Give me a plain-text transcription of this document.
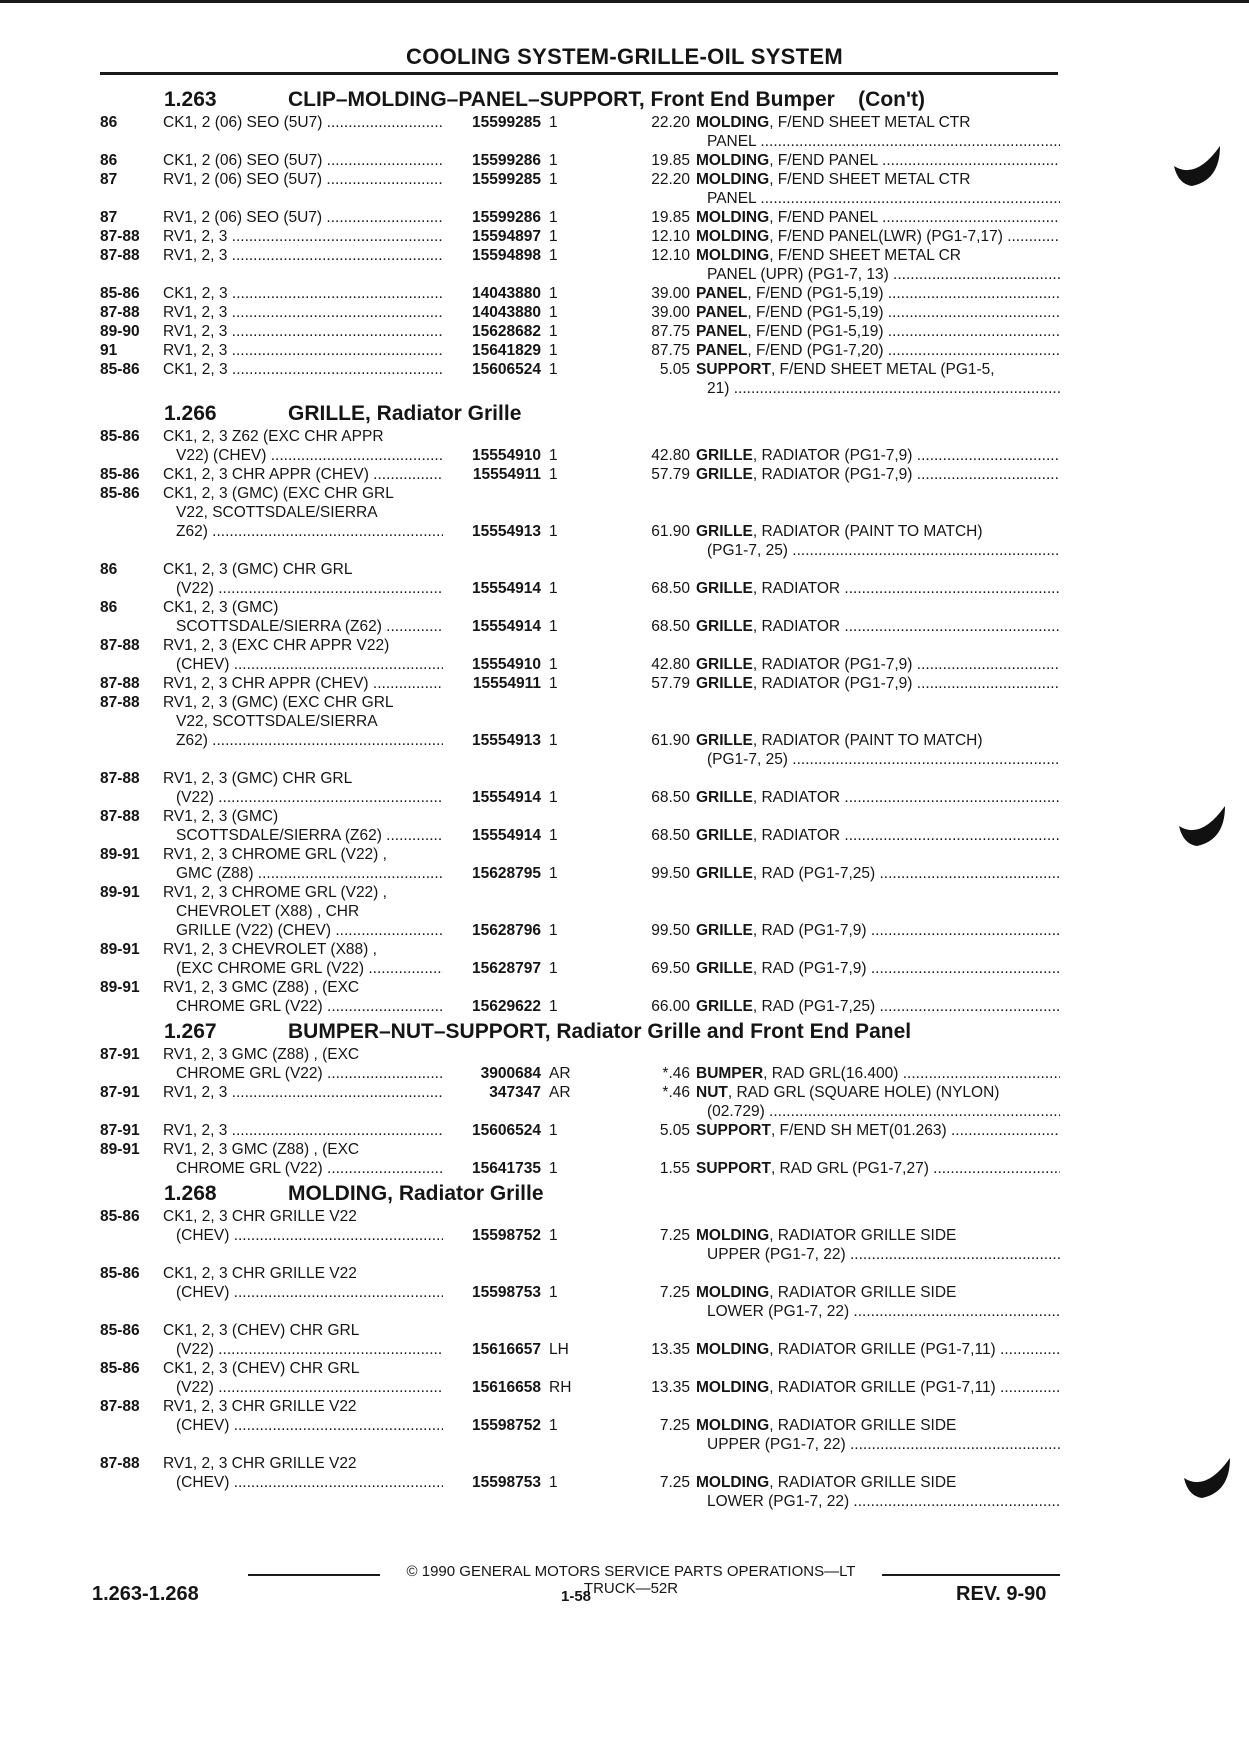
COOLING SYSTEM-GRILLE-OIL SYSTEM
1.263	CLIP–MOLDING–PANEL–SUPPORT, Front End Bumper (Con't)
86	CK1, 2 (06) SEO (5U7) .....	15599285 1	22.20 MOLDING, F/END SHEET METAL CTR
PANEL .....
86	CK1, 2 (06) SEO (5U7) .....	15599286 1	19.85 MOLDING, F/END PANEL .....
87	RV1, 2 (06) SEO (5U7) .....	15599285 1	22.20 MOLDING, F/END SHEET METAL CTR
PANEL .....
87	RV1, 2 (06) SEO (5U7) .....	15599286 1	19.85 MOLDING, F/END PANEL .....
87-88	RV1, 2, 3 .....	15594897 1	12.10 MOLDING, F/END PANEL(LWR) (PG1-7,17) .....
87-88	RV1, 2, 3 .....	15594898 1	12.10 MOLDING, F/END SHEET METAL CR
PANEL (UPR) (PG1-7, 13) .....
85-86	CK1, 2, 3 .....	14043880 1	39.00 PANEL, F/END (PG1-5,19) .....
87-88	RV1, 2, 3 .....	14043880 1	39.00 PANEL, F/END (PG1-5,19) .....
89-90	RV1, 2, 3 .....	15628682 1	87.75 PANEL, F/END (PG1-5,19) .....
91	RV1, 2, 3 .....	15641829 1	87.75 PANEL, F/END (PG1-7,20) .....
85-86	CK1, 2, 3 .....	15606524 1	5.05 SUPPORT, F/END SHEET METAL (PG1-5,
21) .....
1.266	GRILLE, Radiator Grille
85-86	CK1, 2, 3 Z62 (EXC CHR APPR
V22) (CHEV) .....	15554910 1	42.80 GRILLE, RADIATOR (PG1-7,9) .....
85-86	CK1, 2, 3 CHR APPR (CHEV) .....	15554911 1	57.79 GRILLE, RADIATOR (PG1-7,9) .....
85-86	CK1, 2, 3 (GMC) (EXC CHR GRL
V22, SCOTTSDALE/SIERRA
Z62) .....	15554913 1	61.90 GRILLE, RADIATOR (PAINT TO MATCH)
(PG1-7, 25) .....
86	CK1, 2, 3 (GMC) CHR GRL
(V22) .....	15554914 1	68.50 GRILLE, RADIATOR .....
86	CK1, 2, 3 (GMC)
SCOTTSDALE/SIERRA (Z62) .....	15554914 1	68.50 GRILLE, RADIATOR .....
87-88	RV1, 2, 3 (EXC CHR APPR V22)
(CHEV) .....	15554910 1	42.80 GRILLE, RADIATOR (PG1-7,9) .....
87-88	RV1, 2, 3 CHR APPR (CHEV) .....	15554911 1	57.79 GRILLE, RADIATOR (PG1-7,9) .....
87-88	RV1, 2, 3 (GMC) (EXC CHR GRL
V22, SCOTTSDALE/SIERRA
Z62) .....	15554913 1	61.90 GRILLE, RADIATOR (PAINT TO MATCH)
(PG1-7, 25) .....
87-88	RV1, 2, 3 (GMC) CHR GRL
(V22) .....	15554914 1	68.50 GRILLE, RADIATOR .....
87-88	RV1, 2, 3 (GMC)
SCOTTSDALE/SIERRA (Z62) .....	15554914 1	68.50 GRILLE, RADIATOR .....
89-91	RV1, 2, 3 CHROME GRL (V22) ,
GMC (Z88) .....	15628795 1	99.50 GRILLE, RAD (PG1-7,25) .....
89-91	RV1, 2, 3 CHROME GRL (V22) ,
CHEVROLET (X88) , CHR
GRILLE (V22) (CHEV) .....	15628796 1	99.50 GRILLE, RAD (PG1-7,9) .....
89-91	RV1, 2, 3 CHEVROLET (X88) ,
(EXC CHROME GRL (V22) .....	15628797 1	69.50 GRILLE, RAD (PG1-7,9) .....
89-91	RV1, 2, 3 GMC (Z88) , (EXC
CHROME GRL (V22) .....	15629622 1	66.00 GRILLE, RAD (PG1-7,25) .....
1.267	BUMPER–NUT–SUPPORT, Radiator Grille and Front End Panel
87-91	RV1, 2, 3 GMC (Z88) , (EXC
CHROME GRL (V22) .....	3900684 AR	*.46 BUMPER, RAD GRL(16.400) .....
87-91	RV1, 2, 3 .....	347347 AR	*.46 NUT, RAD GRL (SQUARE HOLE) (NYLON)
(02.729) .....
87-91	RV1, 2, 3 .....	15606524 1	5.05 SUPPORT, F/END SH MET(01.263) .....
89-91	RV1, 2, 3 GMC (Z88) , (EXC
CHROME GRL (V22) .....	15641735 1	1.55 SUPPORT, RAD GRL (PG1-7,27) .....
1.268	MOLDING, Radiator Grille
85-86	CK1, 2, 3 CHR GRILLE V22
(CHEV) .....	15598752 1	7.25 MOLDING, RADIATOR GRILLE SIDE
UPPER (PG1-7, 22) .....
85-86	CK1, 2, 3 CHR GRILLE V22
(CHEV) .....	15598753 1	7.25 MOLDING, RADIATOR GRILLE SIDE
LOWER (PG1-7, 22) .....
85-86	CK1, 2, 3 (CHEV) CHR GRL
(V22) .....	15616657 LH	13.35 MOLDING, RADIATOR GRILLE (PG1-7,11) .....
85-86	CK1, 2, 3 (CHEV) CHR GRL
(V22) .....	15616658 RH	13.35 MOLDING, RADIATOR GRILLE (PG1-7,11) .....
87-88	RV1, 2, 3 CHR GRILLE V22
(CHEV) .....	15598752 1	7.25 MOLDING, RADIATOR GRILLE SIDE
UPPER (PG1-7, 22) .....
87-88	RV1, 2, 3 CHR GRILLE V22
(CHEV) .....	15598753 1	7.25 MOLDING, RADIATOR GRILLE SIDE
LOWER (PG1-7, 22) .....
© 1990 GENERAL MOTORS SERVICE PARTS OPERATIONS—LT TRUCK—52R
1.263-1.268	1-58	REV. 9-90
